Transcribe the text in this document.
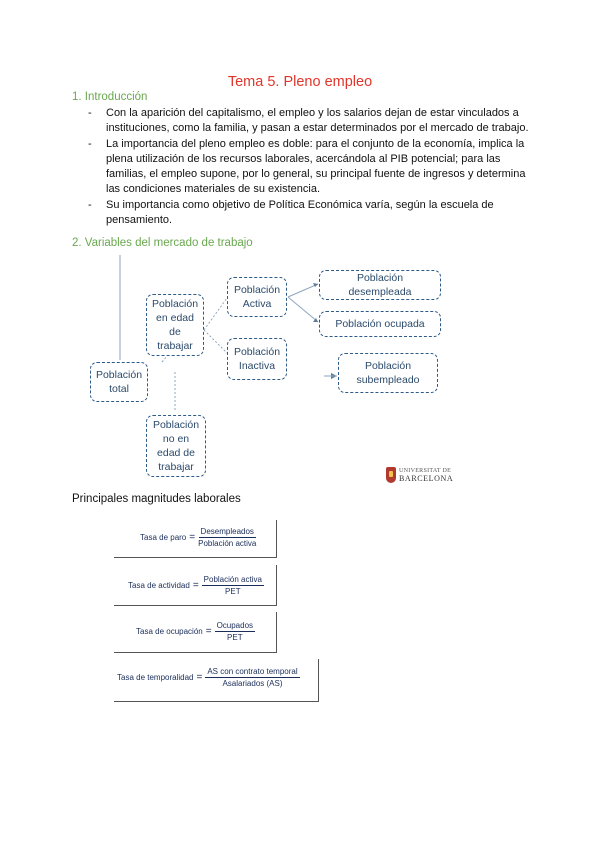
Tema 5. Pleno empleo
1. Introducción
- Con la aparición del capitalismo, el empleo y los salarios dejan de estar vinculados a instituciones, como la familia, y pasan a estar determinados por el mercado de trabajo.
- La importancia del pleno empleo es doble: para el conjunto de la economía, implica la plena utilización de los recursos laborales, acercándola al PIB potencial; para las familias, el empleo supone, por lo general, su principal fuente de ingresos y determina las condiciones materiales de su existencia.
- Su importancia como objetivo de Política Económica varía, según la escuela de pensamiento.
2. Variables del mercado de trabajo
Población total
Población en edad de trabajar
Población no en edad de trabajar
Población Activa
Población Inactiva
Población desempleada
Población ocupada
Población subempleado
UNIVERSITAT DE
BARCELONA
Principales magnitudes laborales
Tasa de paro = $\frac{\text{Desempleados}}{\text{Población activa}}$
Tasa de actividad = $\frac{\text{Población activa}}{\text{PET}}$
Tasa de ocupación = $\frac{\text{Ocupados}}{\text{PET}}$
Tasa de temporalidad = $\frac{\text{AS con contrato temporal}}{\text{Asalariados (AS)}}$
